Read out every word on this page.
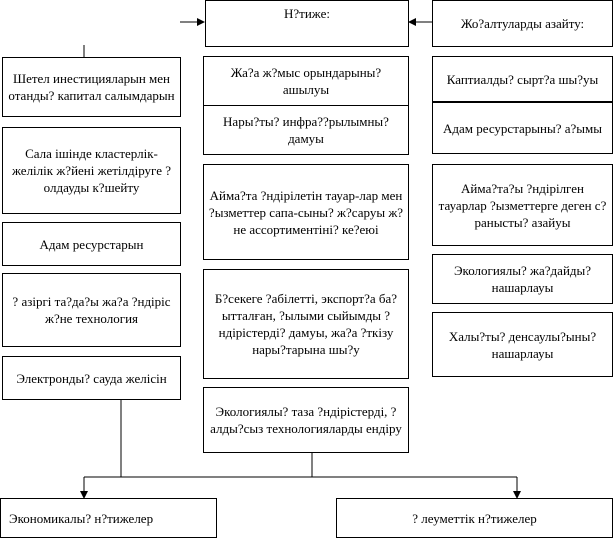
Н?тиже:
Жа?а ж?мыс орындарыны? ашылуы
Нары?ты? инфра??рылымны? дамуы
Аймa?та ?ндірілетін тауар-лар мен ?ызметтер сапа-сыны? ж?саруы ж?не ассортиментіні? ке?еюі
Б?секеге ?абілетті, экспорт?а ба?ытталған, ?ылыми сыйымды ?ндірістерді? дамуы, жа?а ?ткізу нары?тарына шы?у
Экологиялы? таза ?ндірістерді, ?алды?сыз технологияларды ендіру
Жо?алтуларды азайту:
Каптиалды? сырт?а шы?уы
Адам ресурстарыны? а?ымы
Аймa?та?ы ?ндірілген тауарлар ?ызметтерге деген с?ранысты? азайуы
Экологиялы? жа?дайды? нашарлауы
Халы?ты? денсаулы?ыны? нашарлауы
Шетел инестицияларын мен отанды? капитал салымдарын
Сала ішінде кластерлік-желілік ж?йені жетілдіруге ?олдауды к?шейту
Адам ресурстарын
? азіргі та?да?ы жа?а ?ндіріс ж?не технология
Электронды? сауда желісін
Экономикалы? н?тижелер	? леуметтік н?тижелер
